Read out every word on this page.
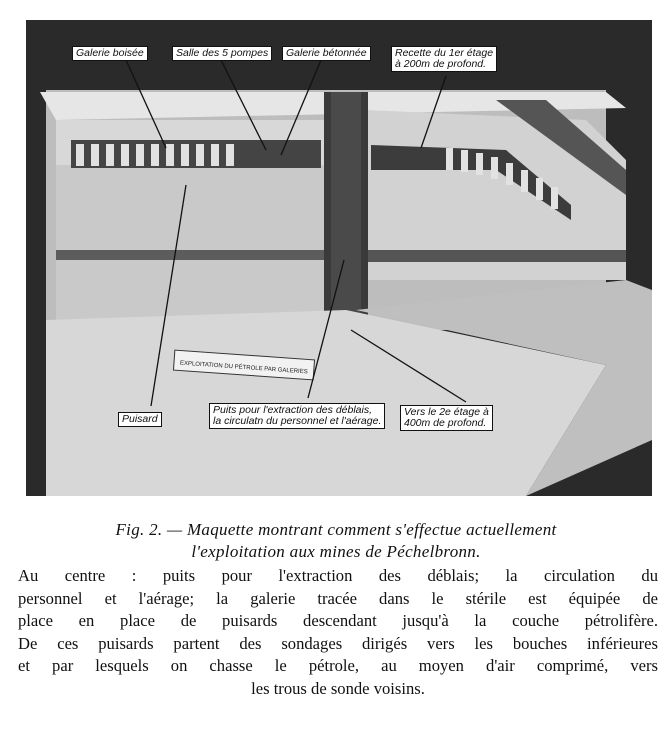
EXPLOITATION DU PÉTROLE PAR GALERIES
Galerie boisée	Salle des 5 pompes	Galerie bétonnée	Recette du 1er étage
à 200m de profond.
Puisard
Puits pour l'extraction des déblais,
la circulatn du personnel et l'aérage.
Vers le 2e étage à
400m de profond.
Fig. 2. — Maquette montrant comment s'effectue actuellement
l'exploitation aux mines de Péchelbronn.
Au centre : puits pour l'extraction des déblais; la circulation du
personnel et l'aérage; la galerie tracée dans le stérile est équipée de
place en place de puisards descendant jusqu'à la couche pétrolifère.
De ces puisards partent des sondages dirigés vers les bouches inférieures
et par lesquels on chasse le pétrole, au moyen d'air comprimé, vers
les trous de sonde voisins.
